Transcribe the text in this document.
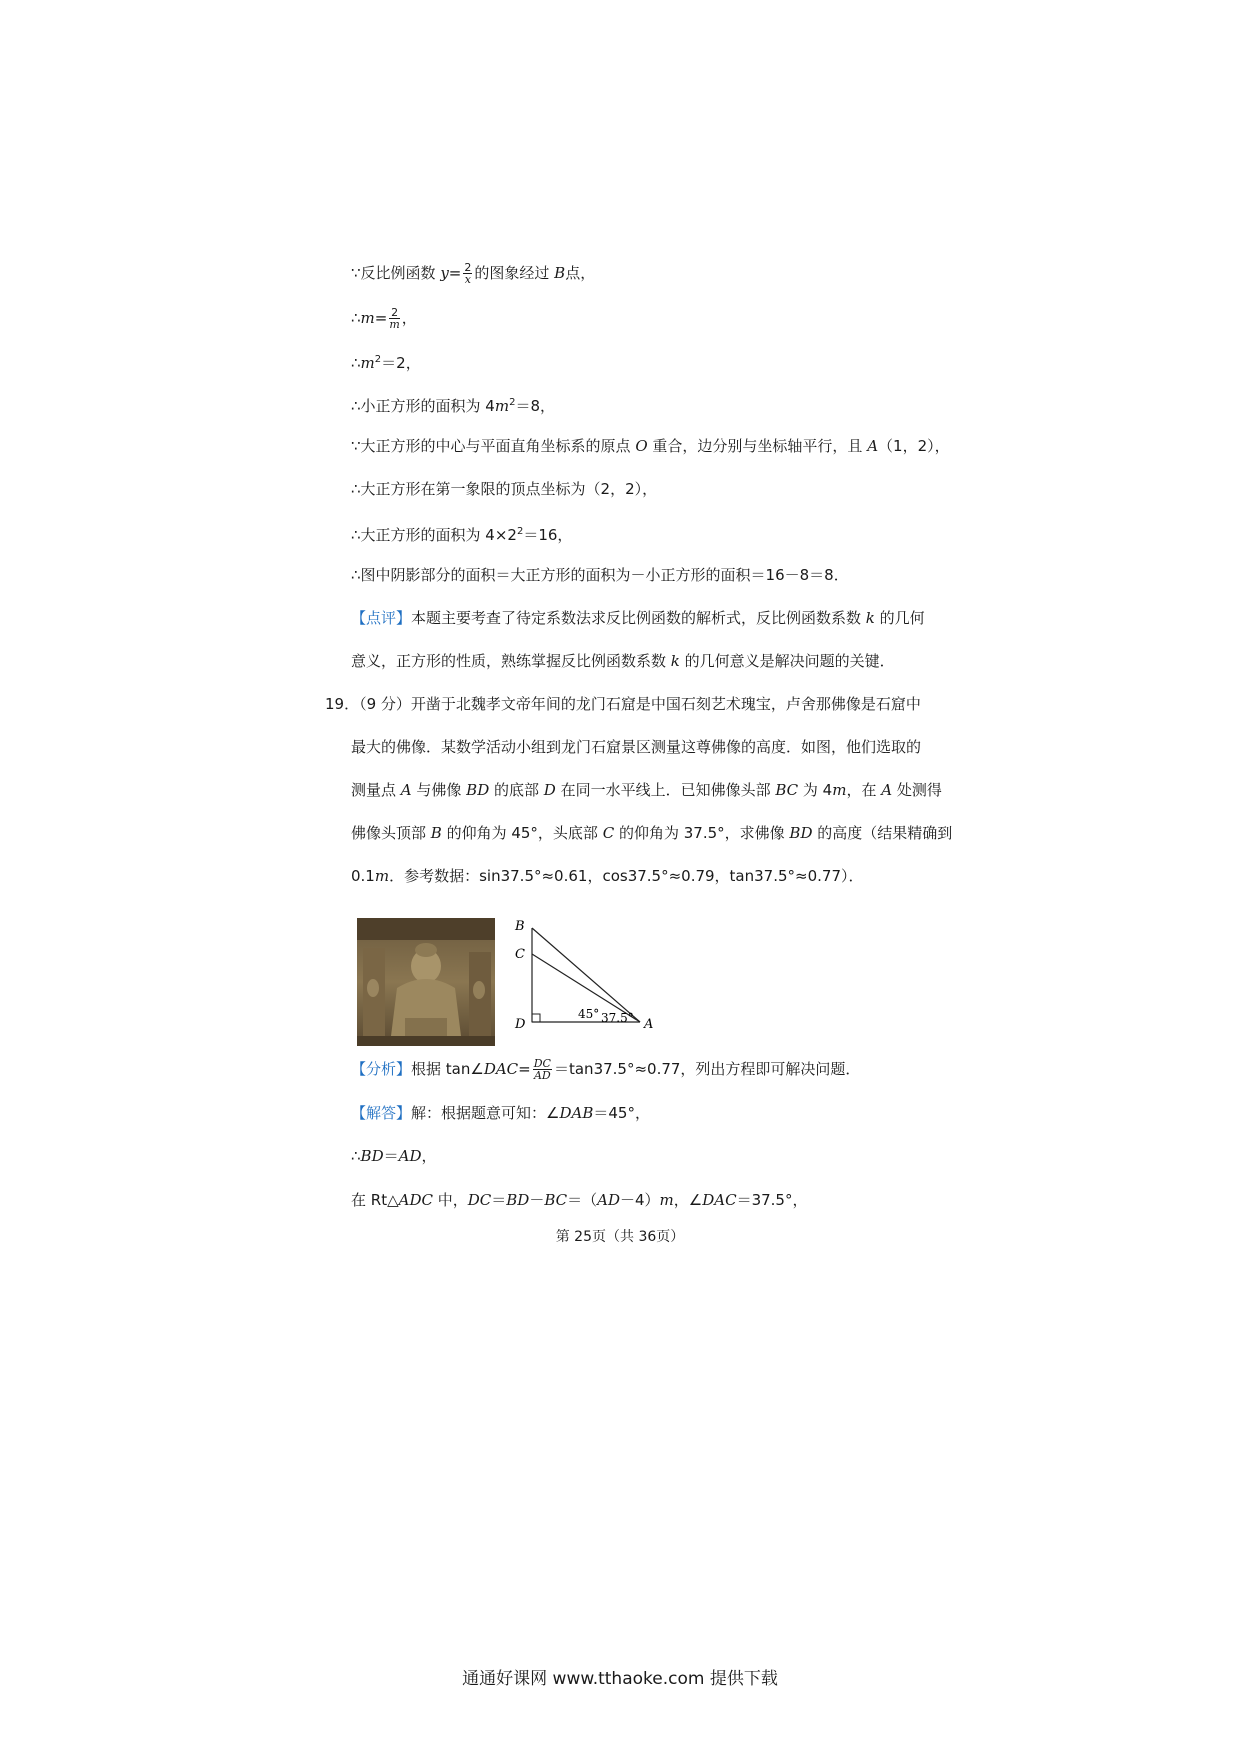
∵反比例函数 $y= \frac{2}{x}$ 的图象经过 B点，
∴m= $\frac{2}{m}$ ，
$\therefore m^2=2$，
∴小正方形的面积为 $4m^2=8$，
∵大正方形的中心与平面直角坐标系的原点 O 重合，边分别与坐标轴平行，且 A（1，2），
∴大正方形在第一象限的顶点坐标为（2，2），
∴大正方形的面积为 $4\times 2^2=16$，
∴图中阴影部分的面积＝大正方形的面积为－小正方形的面积＝16－8＝8．
【点评】本题主要考查了待定系数法求反比例函数的解析式，反比例函数系数 k 的几何
意义，正方形的性质，熟练掌握反比例函数系数 k 的几何意义是解决问题的关键．
19．（9 分）开凿于北魏孝文帝年间的龙门石窟是中国石刻艺术瑰宝，卢舍那佛像是石窟中
最大的佛像．某数学活动小组到龙门石窟景区测量这尊佛像的高度．如图，他们选取的
测量点 A 与佛像 BD 的底部 D 在同一水平线上．已知佛像头部 BC 为 4m，在 A 处测得
佛像头顶部 B 的仰角为 45°，头底部 C 的仰角为 37.5°，求佛像 BD 的高度（结果精确到
0.1m．参考数据：sin37.5°≈0.61，cos37.5°≈0.79，tan37.5°≈0.77）．
B
C
D	A
45° 37.5°
【分析】根据 tan∠DAC= $\frac{DC}{AD} =\tan 37.5^\circ\approx 0.77$，列出方程即可解决问题．
【解答】解：根据题意可知：∠DAB＝45°，
∴BD＝AD，
在 Rt△ADC 中，DC＝BD－BC＝（AD－4）m，∠DAC＝37.5°，
第 25页（共 36页）
通通好课网 www.tthaoke.com 提供下载
